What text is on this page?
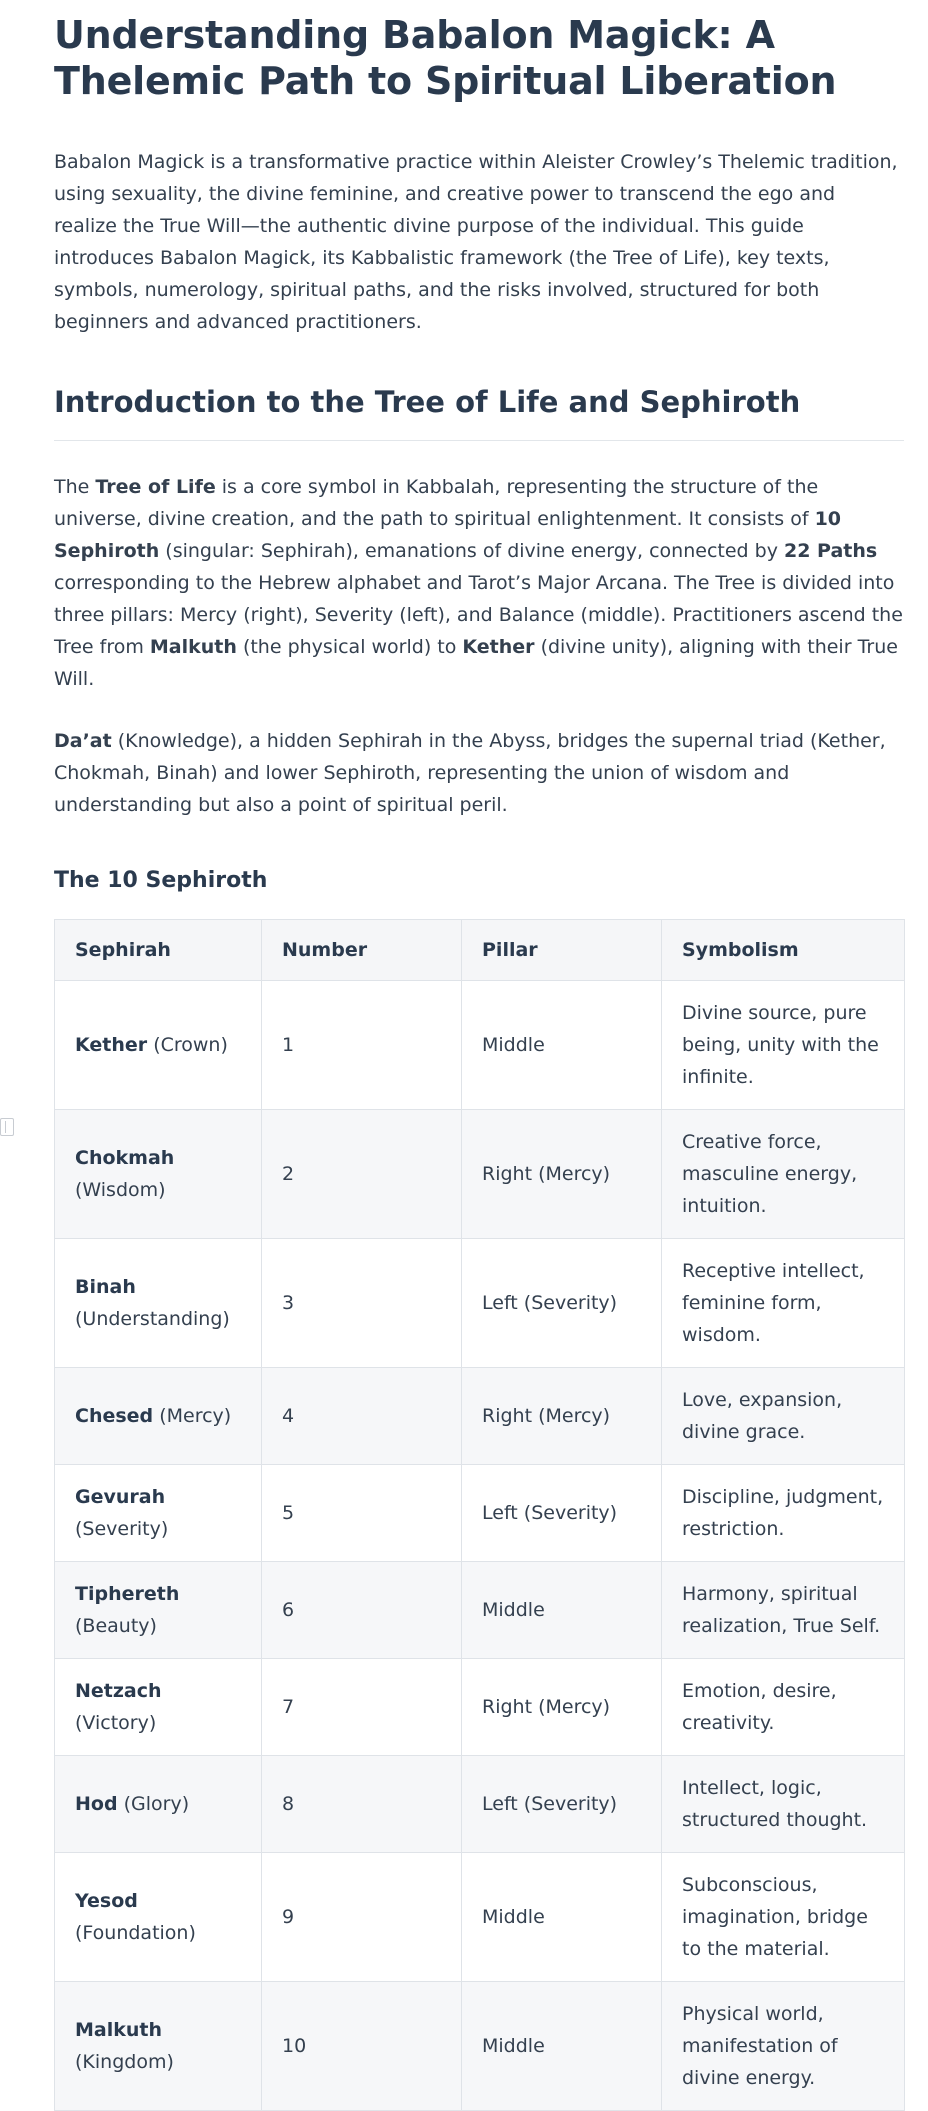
Understanding Babalon Magick: A Thelemic Path to Spiritual Liberation

Babalon Magick is a transformative practice within Aleister Crowley’s Thelemic tradition, using sexuality, the divine feminine, and creative power to transcend the ego and realize the True Will—the authentic divine purpose of the individual. This guide introduces Babalon Magick, its Kabbalistic framework (the Tree of Life), key texts, symbols, numerology, spiritual paths, and the risks involved, structured for both beginners and advanced practitioners.

Introduction to the Tree of Life and Sephiroth

The Tree of Life is a core symbol in Kabbalah, representing the structure of the universe, divine creation, and the path to spiritual enlightenment. It consists of 10 Sephiroth (singular: Sephirah), emanations of divine energy, connected by 22 Paths corresponding to the Hebrew alphabet and Tarot’s Major Arcana. The Tree is divided into three pillars: Mercy (right), Severity (left), and Balance (middle). Practitioners ascend the Tree from Malkuth (the physical world) to Kether (divine unity), aligning with their True Will.

Da’at (Knowledge), a hidden Sephirah in the Abyss, bridges the supernal triad (Kether, Chokmah, Binah) and lower Sephiroth, representing the union of wisdom and understanding but also a point of spiritual peril.

The 10 Sephiroth
Sephirah	Number	Pillar	Symbolism
Kether (Crown)	1	Middle	Divine source, pure being, unity with the infinite.
Chokmah (Wisdom)	2	Right (Mercy)	Creative force, masculine energy, intuition.
Binah (Understanding)	3	Left (Severity)	Receptive intellect, feminine form, wisdom.
Chesed (Mercy)	4	Right (Mercy)	Love, expansion, divine grace.
Gevurah (Severity)	5	Left (Severity)	Discipline, judgment, restriction.
Tiphereth (Beauty)	6	Middle	Harmony, spiritual realization, True Self.
Netzach (Victory)	7	Right (Mercy)	Emotion, desire, creativity.
Hod (Glory)	8	Left (Severity)	Intellect, logic, structured thought.
Yesod (Foundation)	9	Middle	Subconscious, imagination, bridge to the material.
Malkuth (Kingdom)	10	Middle	Physical world, manifestation of divine energy.
